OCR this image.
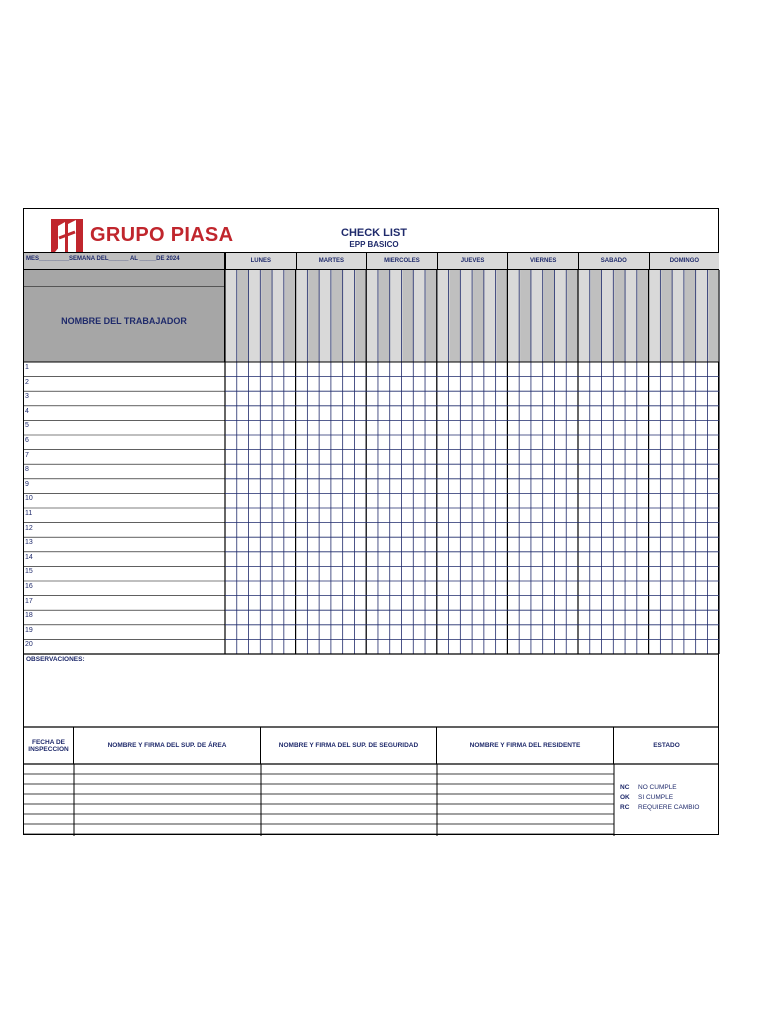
GRUPO PIASA	CHECK LIST
EPP BASICO
MES_________SEMANA DEL______ AL _____DE 2024	LUNES	MARTES	MIERCOLES	JUEVES	VIERNES	SABADO	DOMINGO
NOMBRE DEL TRABAJADOR
1
2
3
4
5
6
7
8
9
10
11
12
13
14
15
16
17
18
19
20
OBSERVACIONES:
FECHA DE INSPECCION	NOMBRE Y FIRMA DEL SUP. DE ÁREA	NOMBRE Y FIRMA DEL SUP. DE SEGURIDAD	NOMBRE Y FIRMA DEL RESIDENTE	ESTADO
NC NO CUMPLE
OK SI CUMPLE
RC REQUIERE CAMBIO
